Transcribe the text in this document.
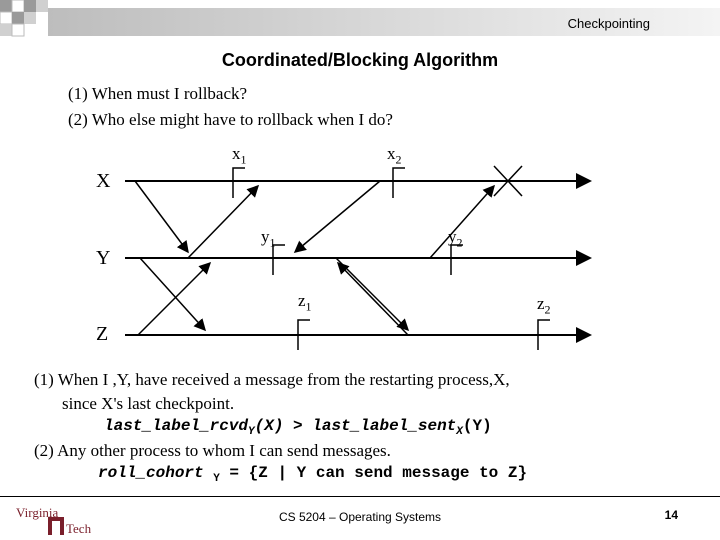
Checkpointing
Coordinated/Blocking Algorithm
(1) When must I rollback?
(2) Who else might have to rollback when I do?
X
Y
Z
$x_1$	$x_2$
$y_1$	$y_2$
$z_1$	$z_2$
(1) When I ,Y, have received a message from the restarting process,X,
since X's last checkpoint.
last_label_rcvd$_Y$(X) > last_label_sent$_X$(Y)
(2) Any other process to whom I can send messages.
roll_cohort $_Y$ = {Z | Y can send message to Z}
Virginia
Tech
CS 5204 – Operating Systems	14
